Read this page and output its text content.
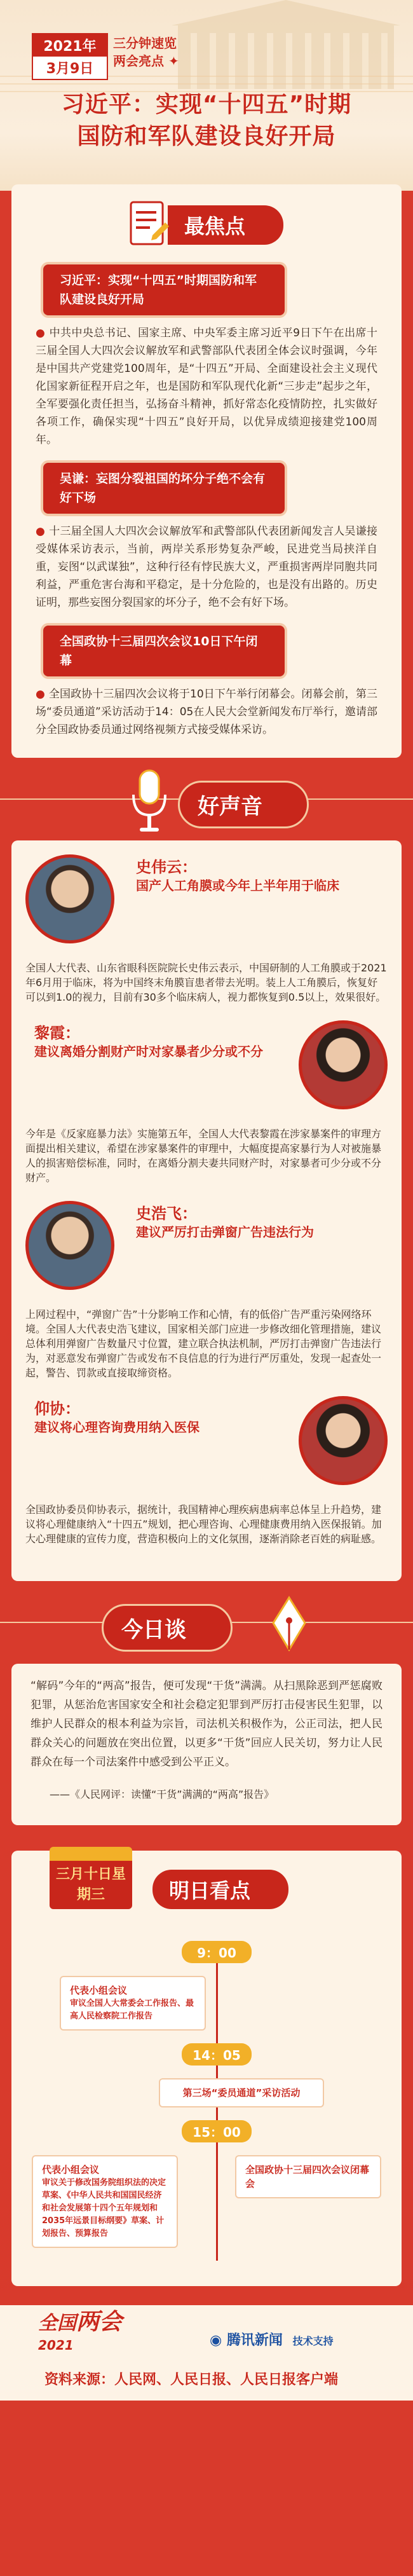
2021年
3月9日
三分钟速览
两会亮点 ✦
习近平：实现“十四五”时期
国防和军队建设良好开局
最焦点
习近平：实现“十四五”时期国防和军队建设良好开局

● 中共中央总书记、国家主席、中央军委主席习近平9日下午在出席十三届全国人大四次会议解放军和武警部队代表团全体会议时强调，今年是中国共产党建党100周年，是“十四五”开局、全面建设社会主义现代化国家新征程开启之年，也是国防和军队现代化新“三步走”起步之年，全军要强化责任担当，弘扬奋斗精神，抓好常态化疫情防控，扎实做好各项工作，确保实现“十四五”良好开局，以优异成绩迎接建党100周年。

吴谦：妄图分裂祖国的坏分子绝不会有好下场

● 十三届全国人大四次会议解放军和武警部队代表团新闻发言人吴谦接受媒体采访表示，当前，两岸关系形势复杂严峻，民进党当局挟洋自重，妄图“以武谋独”，这种行径有悖民族大义，严重损害两岸同胞共同利益，严重危害台海和平稳定，是十分危险的，也是没有出路的。历史证明，那些妄图分裂国家的坏分子，绝不会有好下场。

全国政协十三届四次会议10日下午闭幕

● 全国政协十三届四次会议将于10日下午举行闭幕会。闭幕会前，第三场“委员通道”采访活动于14：05在人民大会堂新闻发布厅举行，邀请部分全国政协委员通过网络视频方式接受媒体采访。

好声音
史伟云：
国产人工角膜或今年上半年用于临床

全国人大代表、山东省眼科医院院长史伟云表示，中国研制的人工角膜或于2021年6月用于临床，将为中国终末角膜盲患者带去光明。装上人工角膜后，恢复好可以到1.0的视力，目前有30多个临床病人，视力都恢复到0.5以上，效果很好。

黎霞：
建议离婚分割财产时对家暴者少分或不分

今年是《反家庭暴力法》实施第五年，全国人大代表黎霞在涉家暴案件的审理方面提出相关建议，希望在涉家暴案件的审理中，大幅度提高家暴行为人对被施暴人的损害赔偿标准，同时，在离婚分割夫妻共同财产时，对家暴者可少分或不分财产。

史浩飞：
建议严厉打击弹窗广告违法行为

上网过程中，“弹窗广告”十分影响工作和心情，有的低俗广告严重污染网络环境。全国人大代表史浩飞建议，国家相关部门应进一步修改细化管理措施，建议总体利用弹窗广告数量尺寸位置，建立联合执法机制，严厉打击弹窗广告违法行为，对恶意发布弹窗广告或发布不良信息的行为进行严厉重处，发现一起查处一起，警告、罚款或直接取缔资格。

仰协：
建议将心理咨询费用纳入医保

全国政协委员仰协表示，据统计，我国精神心理疾病患病率总体呈上升趋势，建议将心理健康纳入“十四五”规划，把心理咨询、心理健康费用纳入医保报销。加大心理健康的宣传力度，营造积极向上的文化氛围，逐渐消除老百姓的病耻感。

今日谈

“解码”今年的“两高”报告，便可发现“干货”满满。从扫黑除恶到严惩腐败犯罪，从惩治危害国家安全和社会稳定犯罪到严厉打击侵害民生犯罪，以维护人民群众的根本利益为宗旨，司法机关积极作为，公正司法，把人民群众关心的问题放在突出位置，以更多“干货”回应人民关切，努力让人民群众在每一个司法案件中感受到公平正义。

——《人民网评：读懂“干货”满满的“两高”报告》

三月十日星期三	明日看点
9：00
代表小组会议
审议全国人大常委会工作报告、最高人民检察院工作报告
14：05
第三场“委员通道”采访活动
15：00
代表小组会议
审议关于修改国务院组织法的决定草案、《中华人民共和国国民经济和社会发展第十四个五年规划和2035年远景目标纲要》草案、计划报告、预算报告
全国政协十三届四次会议闭幕会
全国两会
2021	◉ 腾讯新闻 技术支持
资料来源：人民网、人民日报、人民日报客户端
